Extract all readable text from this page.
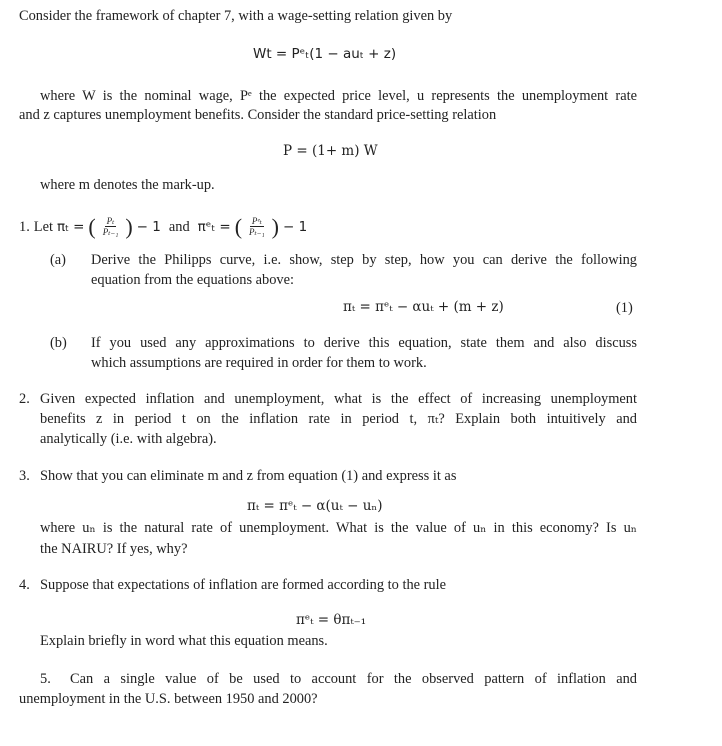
Consider the framework of chapter 7, with a wage-setting relation given by
Wt = Pᵉₜ(1 − auₜ + z)
where W is the nominal wage, Pᵉ the expected price level, u represents the unemployment rate
and z captures unemployment benefits. Consider the standard price-setting relation
P = (1+ m) W
where m denotes the mark-up.
1. Let πₜ = ( $\frac{\text{Pₜ}}{\text{Pₜ₋₁}}$ ) − 1 and πᵉₜ = ( $\frac{\text{Pᵉₜ}}{\text{Pₜ₋₁}}$ ) − 1
(a) Derive the Philipps curve, i.e. show, step by step, how you can derive the following
equation from the equations above:
πₜ = πᵉₜ − αuₜ + (m + z)	(1)
(b) If you used any approximations to derive this equation, state them and also discuss
which assumptions are required in order for them to work.
2. Given expected inflation and unemployment, what is the effect of increasing unemployment
benefits z in period t on the inflation rate in period t, πₜ? Explain both intuitively and
analytically (i.e. with algebra).
3. Show that you can eliminate m and z from equation (1) and express it as
πₜ = πᵉₜ − α(uₜ − uₙ)
where uₙ is the natural rate of unemployment. What is the value of uₙ in this economy? Is uₙ
the NAIRU? If yes, why?
4. Suppose that expectations of inflation are formed according to the rule
πᵉₜ = θπₜ₋₁
Explain briefly in word what this equation means.
5. Can a single value of be used to account for the observed pattern of inflation and
unemployment in the U.S. between 1950 and 2000?
